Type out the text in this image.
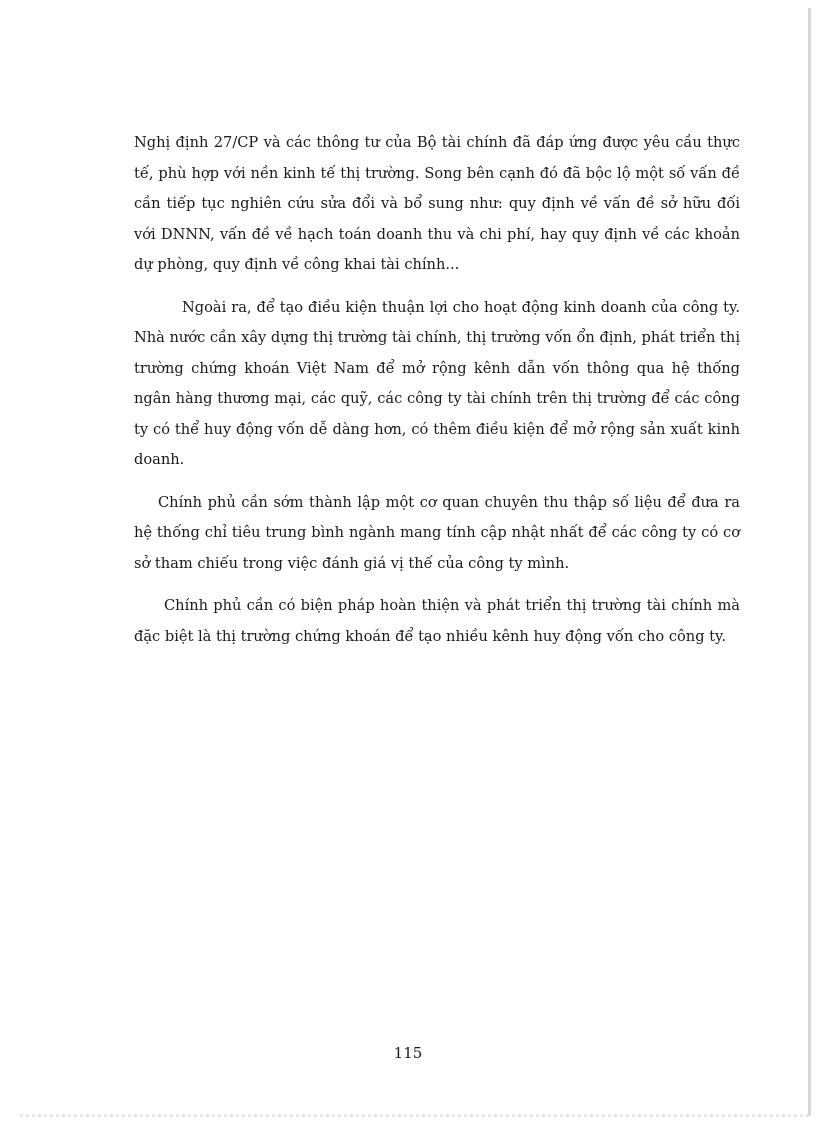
Nghị định 27/CP và các thông tư của Bộ tài chính đã đáp ứng được yêu cầu thực tế, phù hợp với nền kinh tế thị trường. Song bên cạnh đó đã bộc lộ một số vấn đề cần tiếp tục nghiên cứu sửa đổi và bổ sung như: quy định về vấn đề sở hữu đối với DNNN, vấn đề về hạch toán doanh thu và chi phí, hay quy định về các khoản dự phòng, quy định về công khai tài chính...

Ngoài ra, để tạo điều kiện thuận lợi cho hoạt động kinh doanh của công ty. Nhà nước cần xây dựng thị trường tài chính, thị trường vốn ổn định, phát triển thị trường chứng khoán Việt Nam để mở rộng kênh dẫn vốn thông qua hệ thống ngân hàng thương mại, các quỹ, các công ty tài chính trên thị trường để các công ty có thể huy động vốn dễ dàng hơn, có thêm điều kiện để mở rộng sản xuất kinh doanh.

Chính phủ cần sớm thành lập một cơ quan chuyên thu thập số liệu để đưa ra hệ thống chỉ tiêu trung bình ngành mang tính cập nhật nhất để các công ty có cơ sở tham chiếu trong việc đánh giá vị thế của công ty mình.

Chính phủ cần có biện pháp hoàn thiện và phát triển thị trường tài chính mà đặc biệt là thị trường chứng khoán để tạo nhiều kênh huy động vốn cho công ty.

115
